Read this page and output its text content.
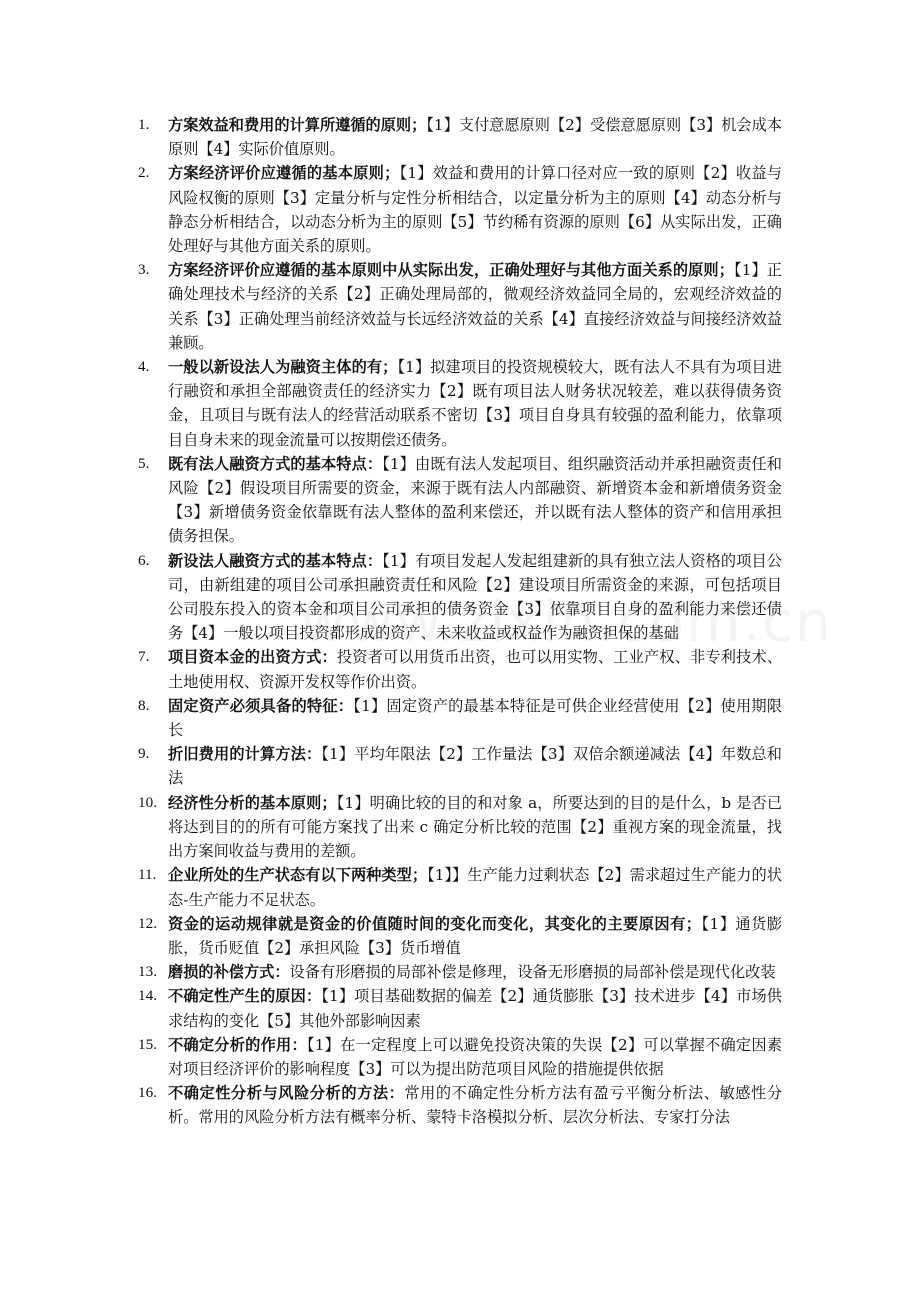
1.	方案效益和费用的计算所遵循的原则；【1】支付意愿原则【2】受偿意愿原则【3】机会成本原则【4】实际价值原则。
2.	方案经济评价应遵循的基本原则；【1】效益和费用的计算口径对应一致的原则【2】收益与风险权衡的原则【3】定量分析与定性分析相结合，以定量分析为主的原则【4】动态分析与静态分析相结合，以动态分析为主的原则【5】节约稀有资源的原则【6】从实际出发，正确处理好与其他方面关系的原则。
3.	方案经济评价应遵循的基本原则中从实际出发，正确处理好与其他方面关系的原则；【1】正确处理技术与经济的关系【2】正确处理局部的，微观经济效益同全局的，宏观经济效益的关系【3】正确处理当前经济效益与长远经济效益的关系【4】直接经济效益与间接经济效益兼顾。
4.	一般以新设法人为融资主体的有；【1】拟建项目的投资规模较大，既有法人不具有为项目进行融资和承担全部融资责任的经济实力【2】既有项目法人财务状况较差，难以获得债务资金，且项目与既有法人的经营活动联系不密切【3】项目自身具有较强的盈利能力，依靠项目自身未来的现金流量可以按期偿还债务。
5.	既有法人融资方式的基本特点：【1】由既有法人发起项目、组织融资活动并承担融资责任和风险【2】假设项目所需要的资金，来源于既有法人内部融资、新增资本金和新增债务资金【3】新增债务资金依靠既有法人整体的盈利来偿还，并以既有法人整体的资产和信用承担债务担保。
6.	新设法人融资方式的基本特点：【1】有项目发起人发起组建新的具有独立法人资格的项目公司，由新组建的项目公司承担融资责任和风险【2】建设项目所需资金的来源，可包括项目公司股东投入的资本金和项目公司承担的债务资金【3】依靠项目自身的盈利能力来偿还债务【4】一般以项目投资都形成的资产、未来收益或权益作为融资担保的基础
7.	项目资本金的出资方式：投资者可以用货币出资，也可以用实物、工业产权、非专利技术、土地使用权、资源开发权等作价出资。
8.	固定资产必须具备的特征：【1】固定资产的最基本特征是可供企业经营使用【2】使用期限长
9.	折旧费用的计算方法：【1】平均年限法【2】工作量法【3】双倍余额递减法【4】年数总和法
10. 经济性分析的基本原则；【1】明确比较的目的和对象 a，所要达到的目的是什么，b 是否已将达到目的的所有可能方案找了出来 c 确定分析比较的范围【2】重视方案的现金流量，找出方案间收益与费用的差额。
11. 企业所处的生产状态有以下两种类型；【1】】生产能力过剩状态【2】需求超过生产能力的状态-生产能力不足状态。
12. 资金的运动规律就是资金的价值随时间的变化而变化，其变化的主要原因有；【1】通货膨胀，货币贬值【2】承担风险【3】货币增值
13. 磨损的补偿方式：设备有形磨损的局部补偿是修理，设备无形磨损的局部补偿是现代化改装
14. 不确定性产生的原因：【1】项目基础数据的偏差【2】通货膨胀【3】技术进步【4】市场供求结构的变化【5】其他外部影响因素
15. 不确定分析的作用：【1】在一定程度上可以避免投资决策的失误【2】可以掌握不确定因素对项目经济评价的影响程度【3】可以为提出防范项目风险的措施提供依据
16. 不确定性分析与风险分析的方法：常用的不确定性分析方法有盈亏平衡分析法、敏感性分析。常用的风险分析方法有概率分析、蒙特卡洛模拟分析、层次分析法、专家打分法
